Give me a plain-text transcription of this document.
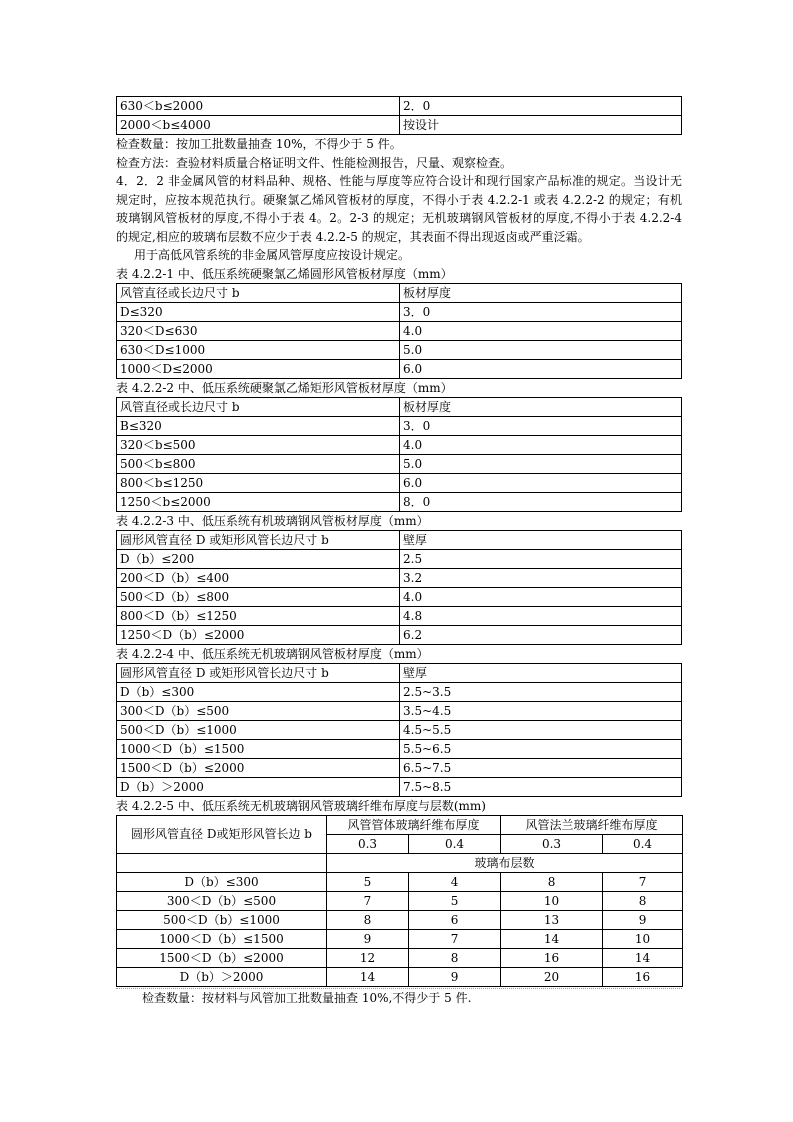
630＜b≤2000	2．0
2000＜b≤4000	按设计

检查数量：按加工批数量抽查 10%，不得少于 5 件。

检查方法：查验材料质量合格证明文件、性能检测报告，尺量、观察检查。

4．2．2 非金属风管的材料品种、规格、性能与厚度等应符合设计和现行国家产品标准的规定。当设计无规定时，应按本规范执行。硬聚氯乙烯风管板材的厚度，不得小于表 4.2.2-1 或表 4.2.2-2 的规定；有机玻璃钢风管板材的厚度,不得小于表 4。2。2-3 的规定；无机玻璃钢风管板材的厚度,不得小于表 4.2.2-4 的规定,相应的玻璃布层数不应少于表 4.2.2-5 的规定，其表面不得出现返卤或严重泛霜。

用于高低风管系统的非金属风管厚度应按设计规定。

表 4.2.2-1 中、低压系统硬聚氯乙烯圆形风管板材厚度（mm）

风管直径或长边尺寸 b	板材厚度
D≤320	3．0
320＜D≤630	4.0
630＜D≤1000	5.0
1000＜D≤2000	6.0

表 4.2.2-2 中、低压系统硬聚氯乙烯矩形风管板材厚度（mm）

风管直径或长边尺寸 b	板材厚度
B≤320	3．0
320＜b≤500	4.0
500＜b≤800	5.0
800＜b≤1250	6.0
1250＜b≤2000	8．0

表 4.2.2-3 中、低压系统有机玻璃钢风管板材厚度（mm）

圆形风管直径 D 或矩形风管长边尺寸 b	壁厚
D（b）≤200	2.5
200＜D（b）≤400	3.2
500＜D（b）≤800	4.0
800＜D（b）≤1250	4.8
1250＜D（b）≤2000	6.2

表 4.2.2-4 中、低压系统无机玻璃钢风管板材厚度（mm）

圆形风管直径 D 或矩形风管长边尺寸 b	壁厚
D（b）≤300	2.5~3.5
300＜D（b）≤500	3.5~4.5
500＜D（b）≤1000	4.5~5.5
1000＜D（b）≤1500	5.5~6.5
1500＜D（b）≤2000	6.5~7.5
D（b）＞2000	7.5~8.5

表 4.2.2-5 中、低压系统无机玻璃钢风管玻璃纤维布厚度与层数(mm)

圆形风管直径 D或矩形风管长边 b	风管管体玻璃纤维布厚度		风管法兰玻璃纤维布厚度	
	0.3	0.4	0.3	0.4
	玻璃布层数			
D（b）≤300	5	4	8	7
300＜D（b）≤500	7	5	10	8
500＜D（b）≤1000	8	6	13	9
1000＜D（b）≤1500	9	7	14	10
1500＜D（b）≤2000	12	8	16	14
D（b）＞2000	14	9	20	16

检查数量：按材料与风管加工批数量抽查 10%,不得少于 5 件.
